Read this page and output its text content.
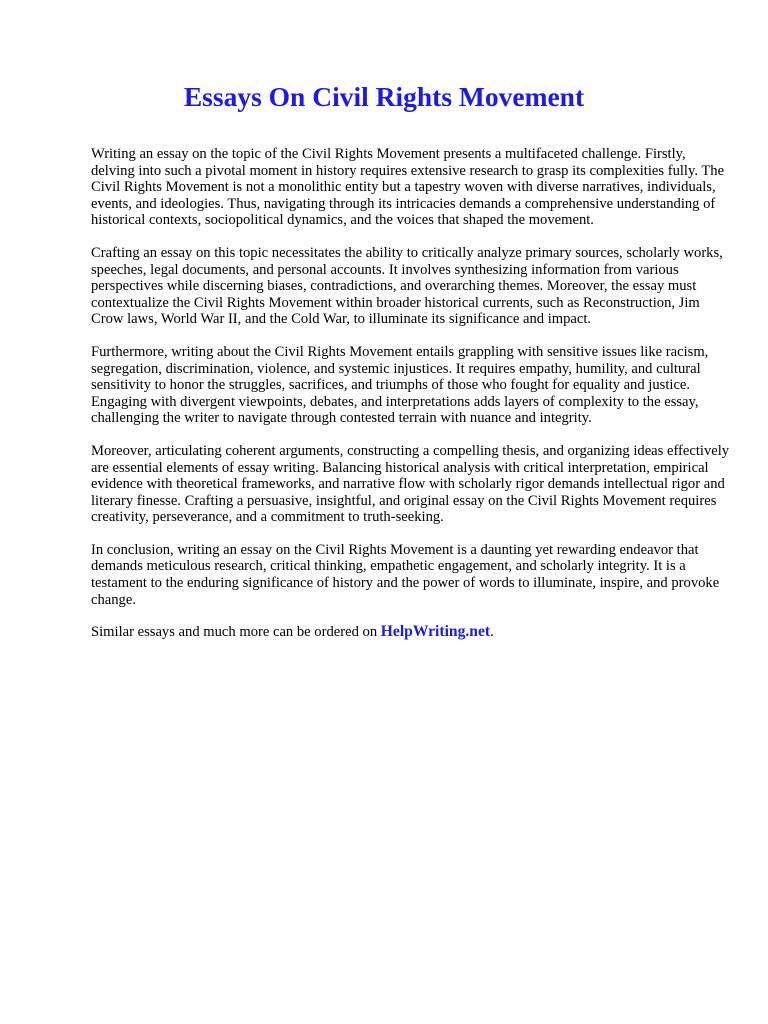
Essays On Civil Rights Movement

Writing an essay on the topic of the Civil Rights Movement presents a multifaceted challenge. Firstly, delving into such a pivotal moment in history requires extensive research to grasp its complexities fully. The Civil Rights Movement is not a monolithic entity but a tapestry woven with diverse narratives, individuals, events, and ideologies. Thus, navigating through its intricacies demands a comprehensive understanding of historical contexts, sociopolitical dynamics, and the voices that shaped the movement.

Crafting an essay on this topic necessitates the ability to critically analyze primary sources, scholarly works, speeches, legal documents, and personal accounts. It involves synthesizing information from various perspectives while discerning biases, contradictions, and overarching themes. Moreover, the essay must contextualize the Civil Rights Movement within broader historical currents, such as Reconstruction, Jim Crow laws, World War II, and the Cold War, to illuminate its significance and impact.

Furthermore, writing about the Civil Rights Movement entails grappling with sensitive issues like racism, segregation, discrimination, violence, and systemic injustices. It requires empathy, humility, and cultural sensitivity to honor the struggles, sacrifices, and triumphs of those who fought for equality and justice. Engaging with divergent viewpoints, debates, and interpretations adds layers of complexity to the essay, challenging the writer to navigate through contested terrain with nuance and integrity.

Moreover, articulating coherent arguments, constructing a compelling thesis, and organizing ideas effectively are essential elements of essay writing. Balancing historical analysis with critical interpretation, empirical evidence with theoretical frameworks, and narrative flow with scholarly rigor demands intellectual rigor and literary finesse. Crafting a persuasive, insightful, and original essay on the Civil Rights Movement requires creativity, perseverance, and a commitment to truth-seeking.

In conclusion, writing an essay on the Civil Rights Movement is a daunting yet rewarding endeavor that demands meticulous research, critical thinking, empathetic engagement, and scholarly integrity. It is a testament to the enduring significance of history and the power of words to illuminate, inspire, and provoke change.

Similar essays and much more can be ordered on HelpWriting.net.
